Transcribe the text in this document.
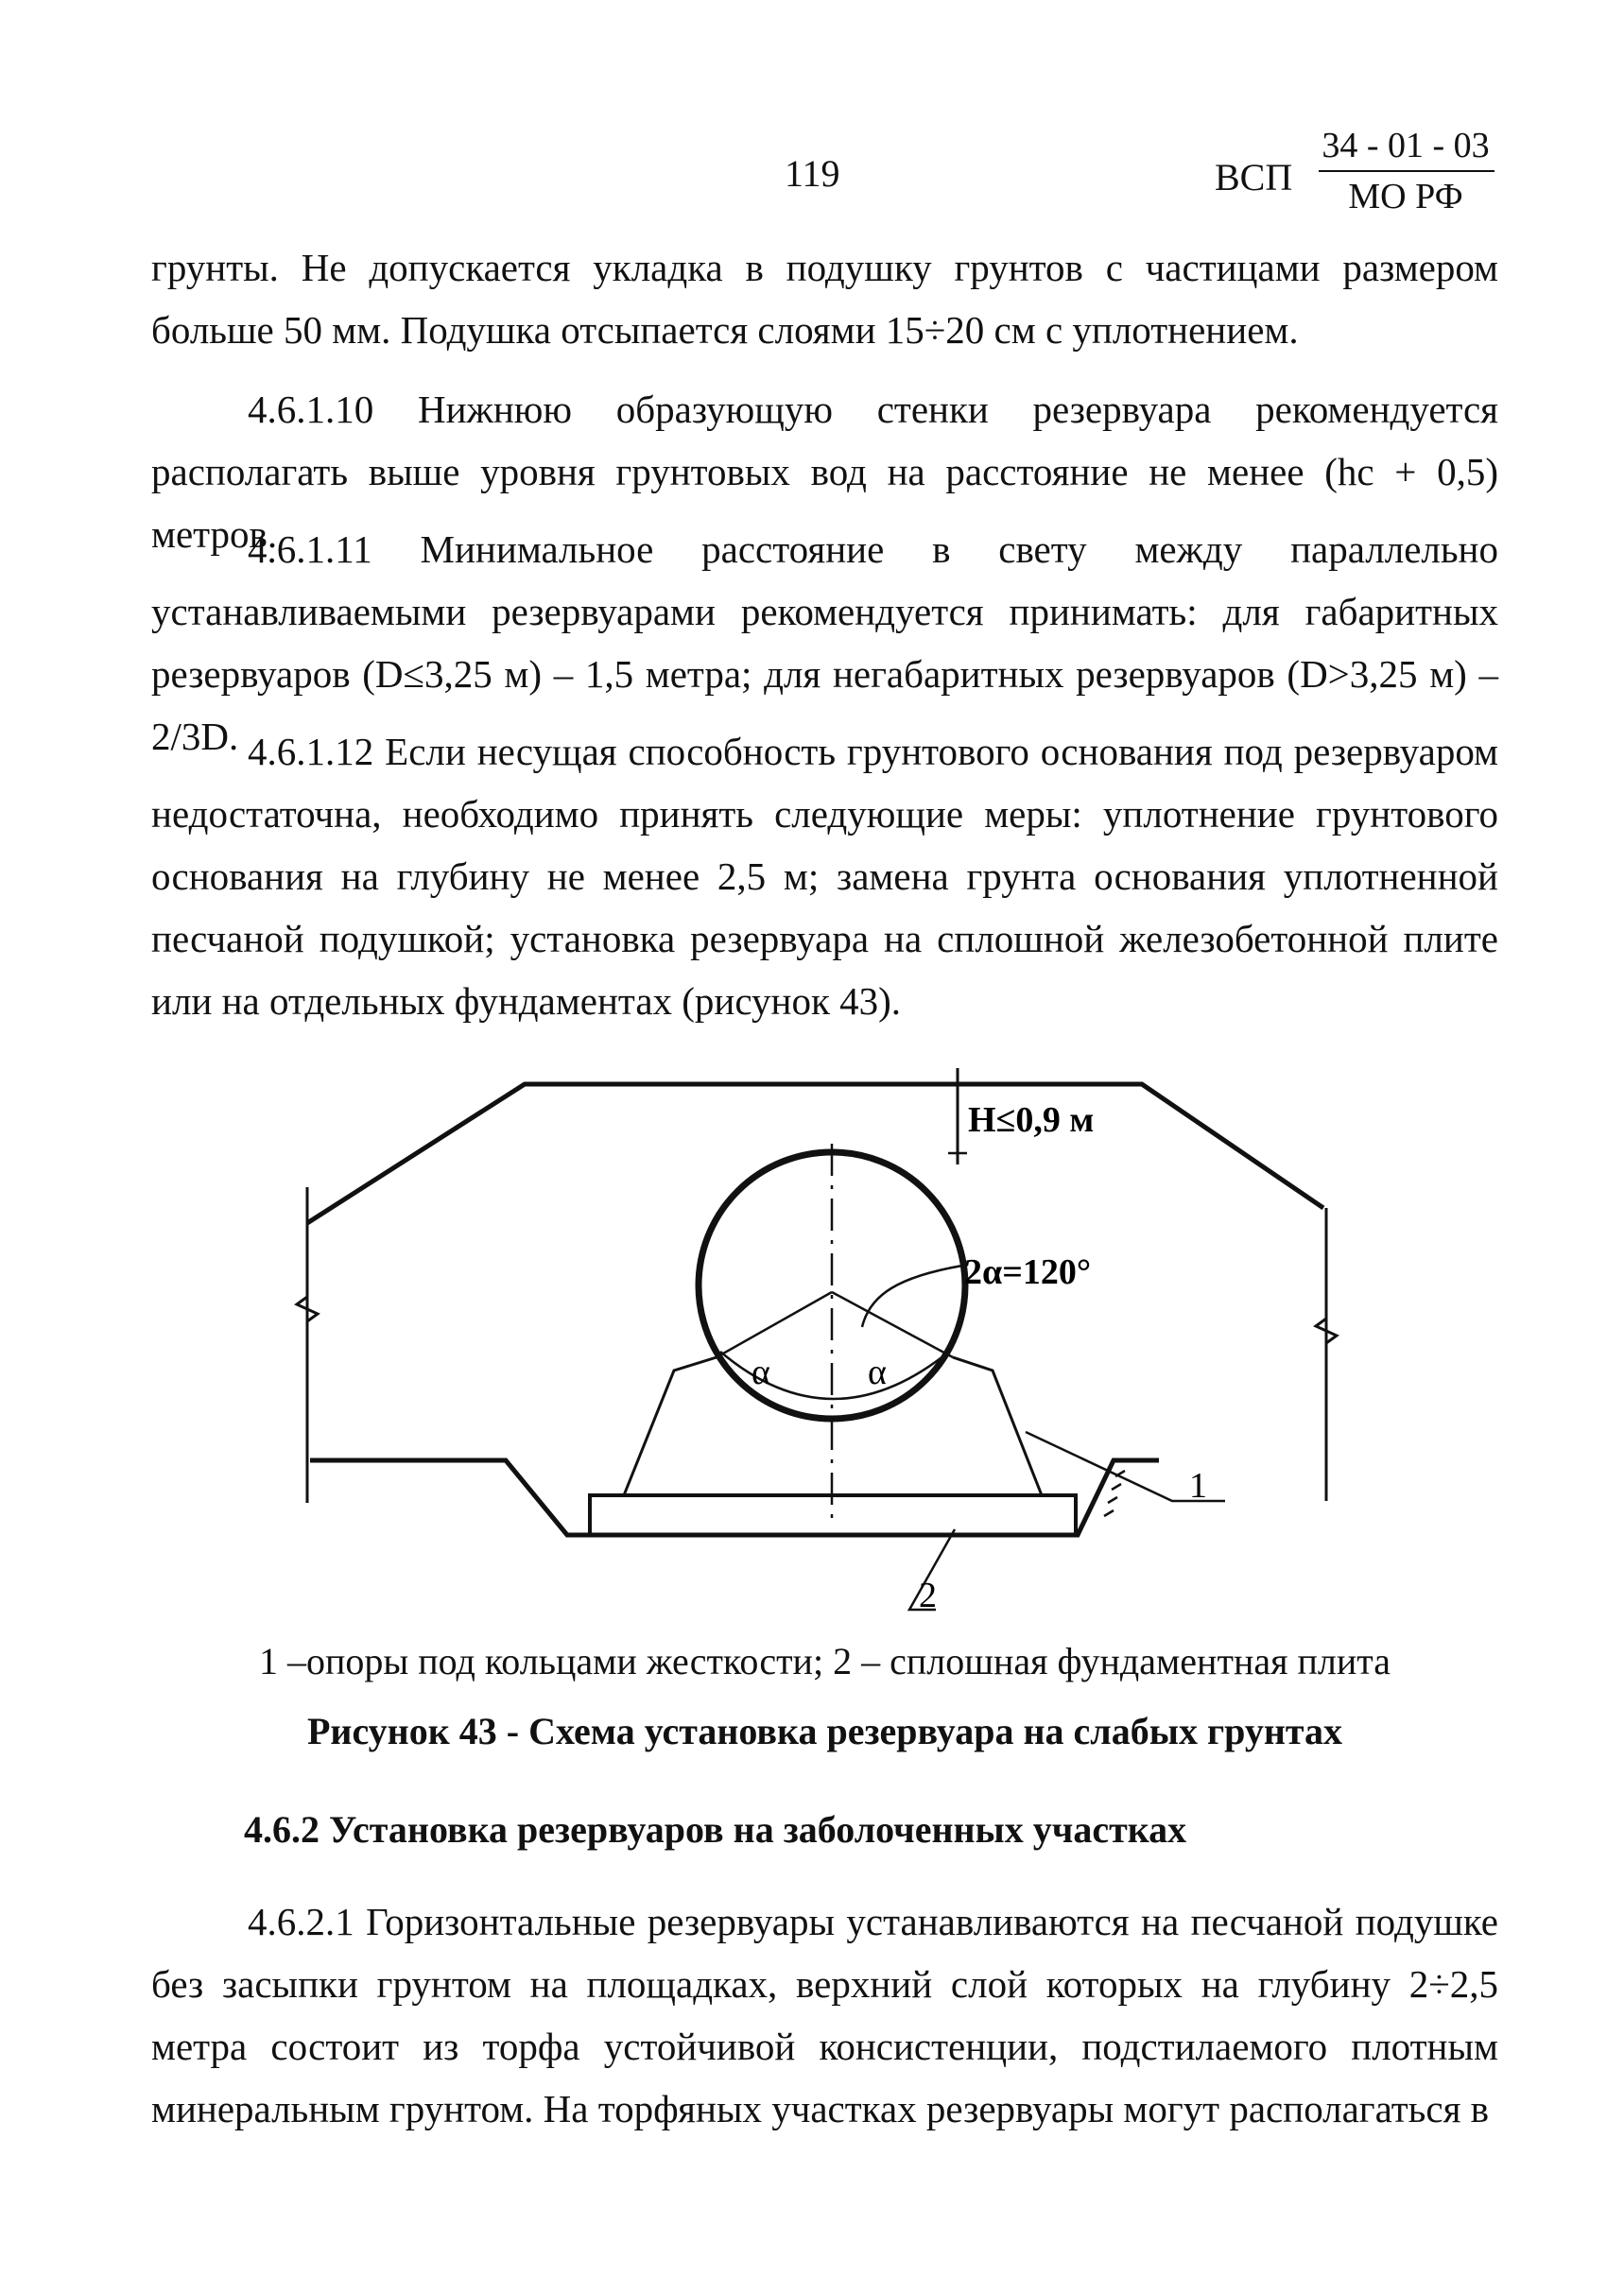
119	ВСП
34 - 01 - 03
МО РФ

грунты. Не допускается укладка в подушку грунтов с частицами размером больше 50 мм. Подушка отсыпается слоями 15÷20 см с уплотнением.

4.6.1.10 Нижнюю образующую стенки резервуара рекомендуется располагать выше уровня грунтовых вод на расстояние не менее (hс + 0,5) метров.

4.6.1.11 Минимальное расстояние в свету между параллельно устанавливаемыми резервуарами рекомендуется принимать: для габаритных резервуаров (D≤3,25 м) – 1,5 метра; для негабаритных резервуаров (D>3,25 м) – 2/3D. 4.6.1.12 Если несущая способность грунтового основания под резервуаром недостаточна, необходимо принять следующие меры: уплотнение грунтового основания на глубину не менее 2,5 м; замена грунта основания уплотненной песчаной подушкой; установка резервуара на сплошной железобетонной плите или на отдельных фундаментах (рисунок 43).

Н≤0,9 м
2α=120°
α	α
1
2
1 –опоры под кольцами жесткости; 2 – сплошная фундаментная плита
Рисунок 43 - Схема установка резервуара на слабых грунтах
4.6.2 Установка резервуаров на заболоченных участках

4.6.2.1 Горизонтальные резервуары устанавливаются на песчаной подушке без засыпки грунтом на площадках, верхний слой которых на глубину 2÷2,5 метра состоит из торфа устойчивой консистенции, подстилаемого плотным минеральным грунтом. На торфяных участках резервуары могут располагаться в
